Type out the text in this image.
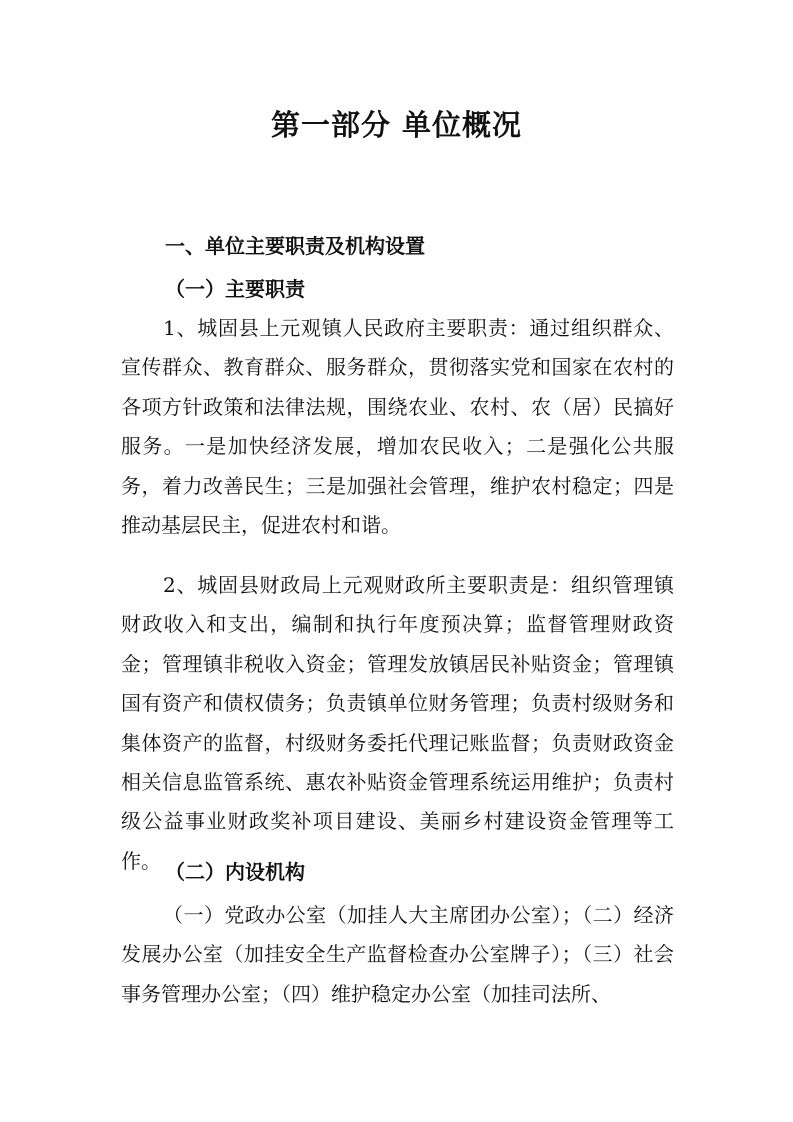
第一部分 单位概况
一、单位主要职责及机构设置
（一）主要职责

1、城固县上元观镇人民政府主要职责：通过组织群众、宣传群众、教育群众、服务群众，贯彻落实党和国家在农村的各项方针政策和法律法规，围绕农业、农村、农（居）民搞好服务。一是加快经济发展，增加农民收入；二是强化公共服务，着力改善民生；三是加强社会管理，维护农村稳定；四是推动基层民主，促进农村和谐。

2、城固县财政局上元观财政所主要职责是：组织管理镇财政收入和支出，编制和执行年度预决算；监督管理财政资金；管理镇非税收入资金；管理发放镇居民补贴资金；管理镇国有资产和债权债务；负责镇单位财务管理；负责村级财务和集体资产的监督，村级财务委托代理记账监督；负责财政资金相关信息监管系统、惠农补贴资金管理系统运用维护；负责村级公益事业财政奖补项目建设、美丽乡村建设资金管理等工作。 （二）内设机构

（一）党政办公室（加挂人大主席团办公室）；（二）经济发展办公室（加挂安全生产监督检查办公室牌子）；（三）社会事务管理办公室；（四）维护稳定办公室（加挂司法所、
